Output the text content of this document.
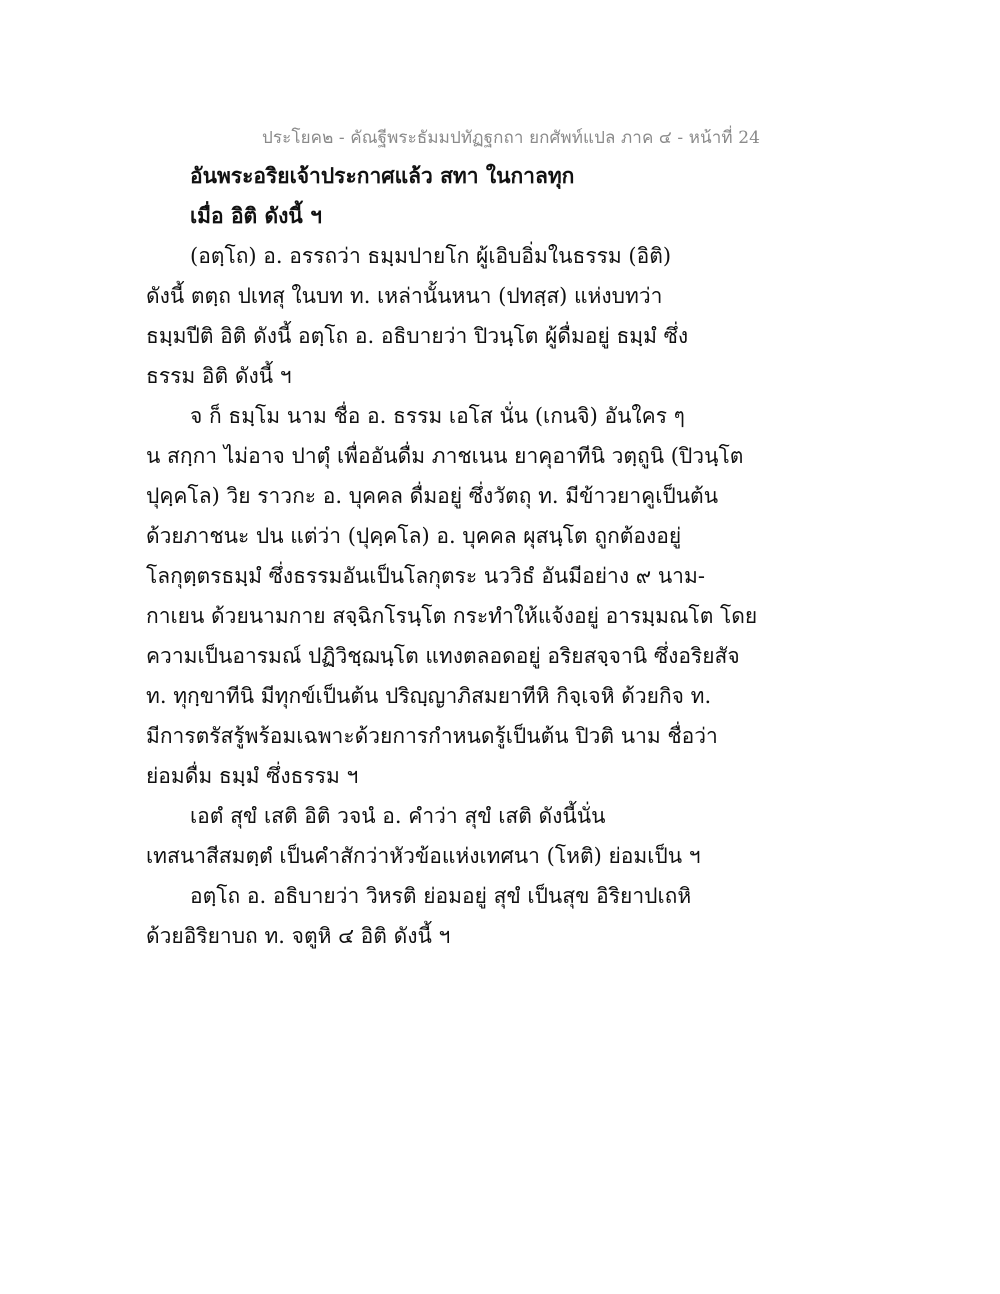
ประโยค๒ - คัณฐีพระธัมมปทัฏฐกถา ยกศัพท์แปล ภาค ๔ - หน้าที่ 24
อันพระอริยเจ้าประกาศแล้ว สทา ในกาลทุก
เมื่อ อิติ ดังนี้ ฯ
(อตฺโถ) อ. อรรถว่า ธมฺมปายโก ผู้เอิบอิ่มในธรรม (อิติ)
ดังนี้ ตตฺถ ปเทสุ ในบท ท. เหล่านั้นหนา (ปทสฺส) แห่งบทว่า
ธมฺมปีติ อิติ ดังนี้ อตฺโถ อ. อธิบายว่า ปิวนฺโต ผู้ดื่มอยู่ ธมฺมํ ซึ่ง
ธรรม อิติ ดังนี้ ฯ
จ ก็ ธมฺโม นาม ชื่อ อ. ธรรม เอโส นั่น (เกนจิ) อันใคร ๆ
น สกฺกา ไม่อาจ ปาตุํ เพื่ออันดื่ม ภาชเนน ยาคุอาทีนิ วตฺถูนิ (ปิวนฺโต
ปุคฺคโล) วิย ราวกะ อ. บุคคล ดื่มอยู่ ซึ่งวัตถุ ท. มีข้าวยาคูเป็นต้น
ด้วยภาชนะ ปน แต่ว่า (ปุคฺคโล) อ. บุคคล ผุสนฺโต ถูกต้องอยู่
โลกุตฺตรธมฺมํ ซึ่งธรรมอันเป็นโลกุตระ นววิธํ อันมีอย่าง ๙ นาม-
กาเยน ด้วยนามกาย สจฺฉิกโรนฺโต กระทำให้แจ้งอยู่ อารมฺมณโต โดย
ความเป็นอารมณ์ ปฏิวิชฺฌนฺโต แทงตลอดอยู่ อริยสจฺจานิ ซึ่งอริยสัจ
ท. ทุกฺขาทีนิ มีทุกข์เป็นต้น ปริญฺญาภิสมยาทีหิ กิจฺเจหิ ด้วยกิจ ท.
มีการตรัสรู้พร้อมเฉพาะด้วยการกำหนดรู้เป็นต้น ปิวติ นาม ชื่อว่า
ย่อมดื่ม ธมฺมํ ซึ่งธรรม ฯ
เอตํ สุขํ เสติ อิติ วจนํ อ. คำว่า สุขํ เสติ ดังนี้นั่น
เทสนาสีสมตฺตํ เป็นคำสักว่าหัวข้อแห่งเทศนา (โหติ) ย่อมเป็น ฯ
อตฺโถ อ. อธิบายว่า วิหรติ ย่อมอยู่ สุขํ เป็นสุข อิริยาปเถหิ
ด้วยอิริยาบถ ท. จตูหิ ๔ อิติ ดังนี้ ฯ
